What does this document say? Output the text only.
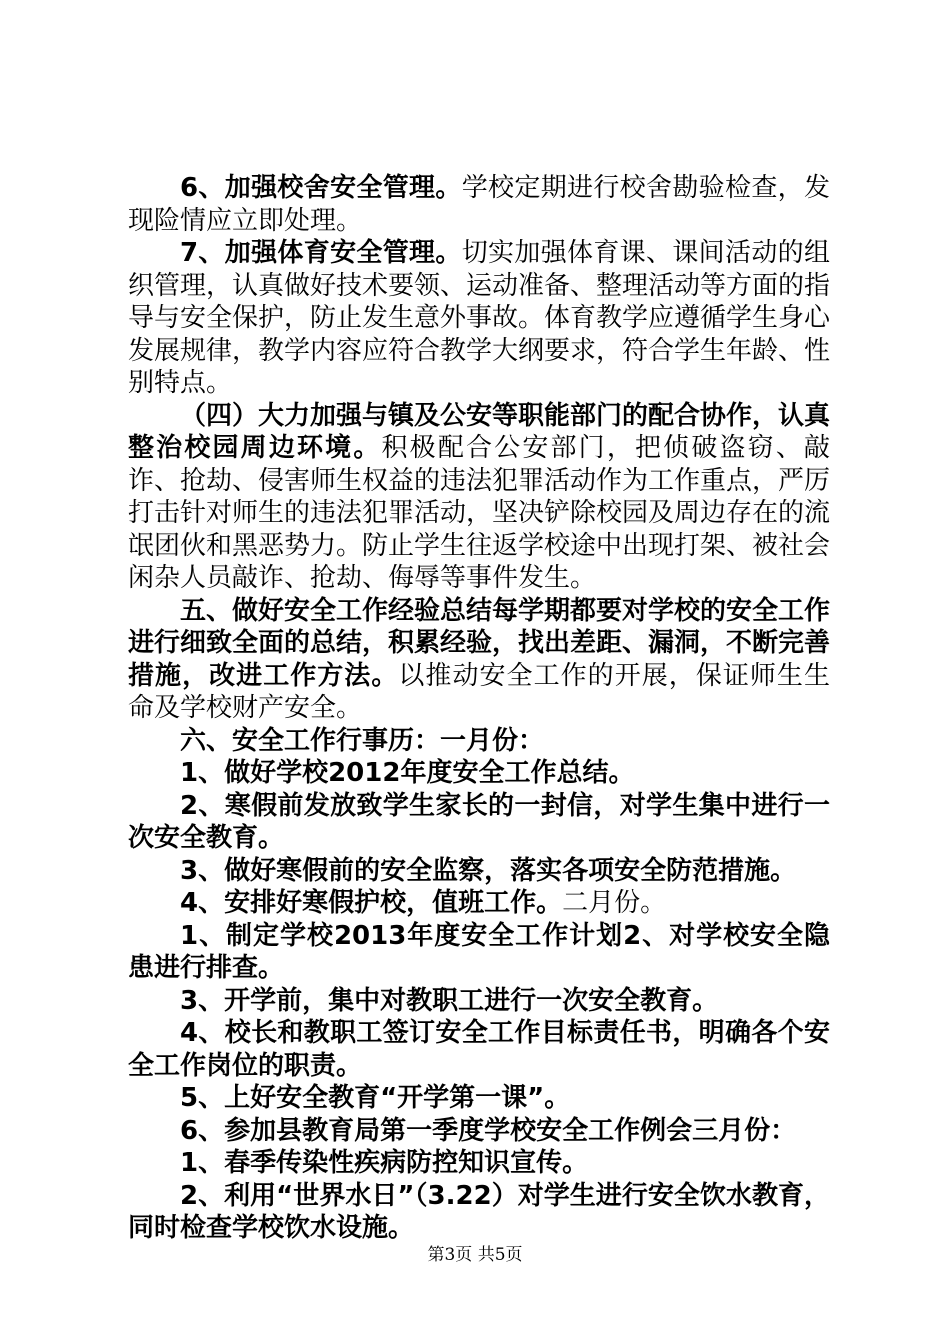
6、加强校舍安全管理。学校定期进行校舍勘验检查，发现险情应立即处理。

7、加强体育安全管理。切实加强体育课、课间活动的组织管理，认真做好技术要领、运动准备、整理活动等方面的指导与安全保护，防止发生意外事故。体育教学应遵循学生身心发展规律，教学内容应符合教学大纲要求，符合学生年龄、性别特点。

（四）大力加强与镇及公安等职能部门的配合协作，认真整治校园周边环境。积极配合公安部门，把侦破盗窃、敲诈、抢劫、侵害师生权益的违法犯罪活动作为工作重点，严厉打击针对师生的违法犯罪活动，坚决铲除校园及周边存在的流氓团伙和黑恶势力。防止学生往返学校途中出现打架、被社会闲杂人员敲诈、抢劫、侮辱等事件发生。

五、做好安全工作经验总结每学期都要对学校的安全工作进行细致全面的总结，积累经验，找出差距、漏洞，不断完善措施，改进工作方法。以推动安全工作的开展，保证师生生命及学校财产安全。

六、安全工作行事历：一月份：

1、做好学校2012年度安全工作总结。

2、寒假前发放致学生家长的一封信，对学生集中进行一次安全教育。

3、做好寒假前的安全监察，落实各项安全防范措施。

4、安排好寒假护校，值班工作。二月份。

1、制定学校2013年度安全工作计划2、对学校安全隐患进行排查。

3、开学前，集中对教职工进行一次安全教育。

4、校长和教职工签订安全工作目标责任书，明确各个安全工作岗位的职责。

5、上好安全教育“开学第一课”。

6、参加县教育局第一季度学校安全工作例会三月份：

1、春季传染性疾病防控知识宣传。

2、利用“世界水日”（3.22）对学生进行安全饮水教育，同时检查学校饮水设施。

第3页 共5页
